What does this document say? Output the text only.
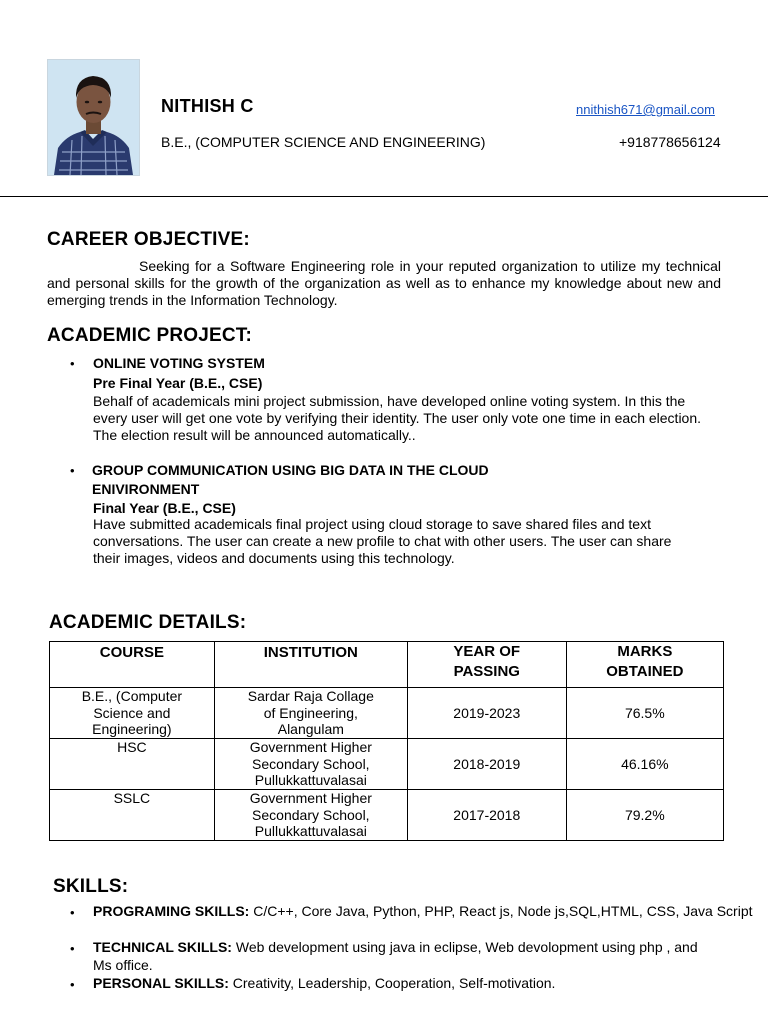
NITHISH C
B.E., (COMPUTER SCIENCE AND ENGINEERING)
nnithish671@gmail.com
+918778656124
CAREER OBJECTIVE:
Seeking for a Software Engineering role in your reputed organization to utilize my technical and personal skills for the growth of the organization as well as to enhance my knowledge about new and emerging trends in the Information Technology.
ACADEMIC PROJECT:
• ONLINE VOTING SYSTEM
Pre Final Year (B.E., CSE)
Behalf of academicals mini project submission, have developed online voting system. In this the every user will get one vote by verifying their identity. The user only vote one time in each election. The election result will be announced automatically..
• GROUP COMMUNICATION USING BIG DATA IN THE CLOUD ENIVIRONMENT
Final Year (B.E., CSE)
Have submitted academicals final project using cloud storage to save shared files and text conversations. The user can create a new profile to chat with other users. The user can share their images, videos and documents using this technology.
ACADEMIC DETAILS:
COURSE	INSTITUTION	YEAR OF PASSING	MARKS OBTAINED
B.E., (Computer Science and Engineering)	Sardar Raja Collage of Engineering, Alangulam	2019-2023	76.5%
HSC	Government Higher Secondary School, Pullukkattuvalasai	2018-2019	46.16%
SSLC	Government Higher Secondary School, Pullukkattuvalasai	2017-2018	79.2%
SKILLS:
• PROGRAMING SKILLS: C/C++, Core Java, Python, PHP, React js, Node js,SQL,HTML, CSS, Java Script
• TECHNICAL SKILLS: Web development using java in eclipse, Web devolopment using php , and Ms office.
• PERSONAL SKILLS: Creativity, Leadership, Cooperation, Self-motivation.
